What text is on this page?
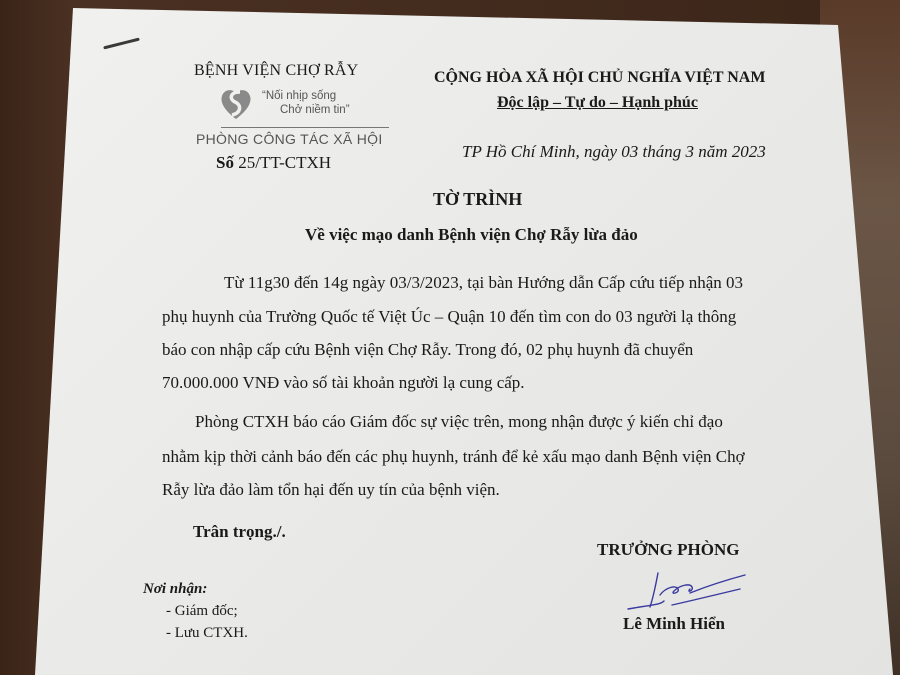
BỆNH VIỆN CHỢ RẪY
“Nối nhịp sống
Chở niềm tin”
PHÒNG CÔNG TÁC XÃ HỘI
Số 25/TT-CTXH
CỘNG HÒA XÃ HỘI CHỦ NGHĨA VIỆT NAM
Độc lập – Tự do – Hạnh phúc
TP Hồ Chí Minh, ngày 03 tháng 3 năm 2023
TỜ TRÌNH
Về việc mạo danh Bệnh viện Chợ Rẫy lừa đảo
Từ 11g30 đến 14g ngày 03/3/2023, tại bàn Hướng dẫn Cấp cứu tiếp nhận 03
phụ huynh của Trường Quốc tế Việt Úc – Quận 10 đến tìm con do 03 người lạ thông
báo con nhập cấp cứu Bệnh viện Chợ Rẫy. Trong đó, 02 phụ huynh đã chuyển
70.000.000 VNĐ vào số tài khoản người lạ cung cấp.
Phòng CTXH báo cáo Giám đốc sự việc trên, mong nhận được ý kiến chỉ đạo
nhằm kịp thời cảnh báo đến các phụ huynh, tránh để kẻ xấu mạo danh Bệnh viện Chợ
Rẫy lừa đảo làm tổn hại đến uy tín của bệnh viện.
Trân trọng./.
TRƯỞNG PHÒNG
Lê Minh Hiển
Nơi nhận:
- Giám đốc;
- Lưu CTXH.
